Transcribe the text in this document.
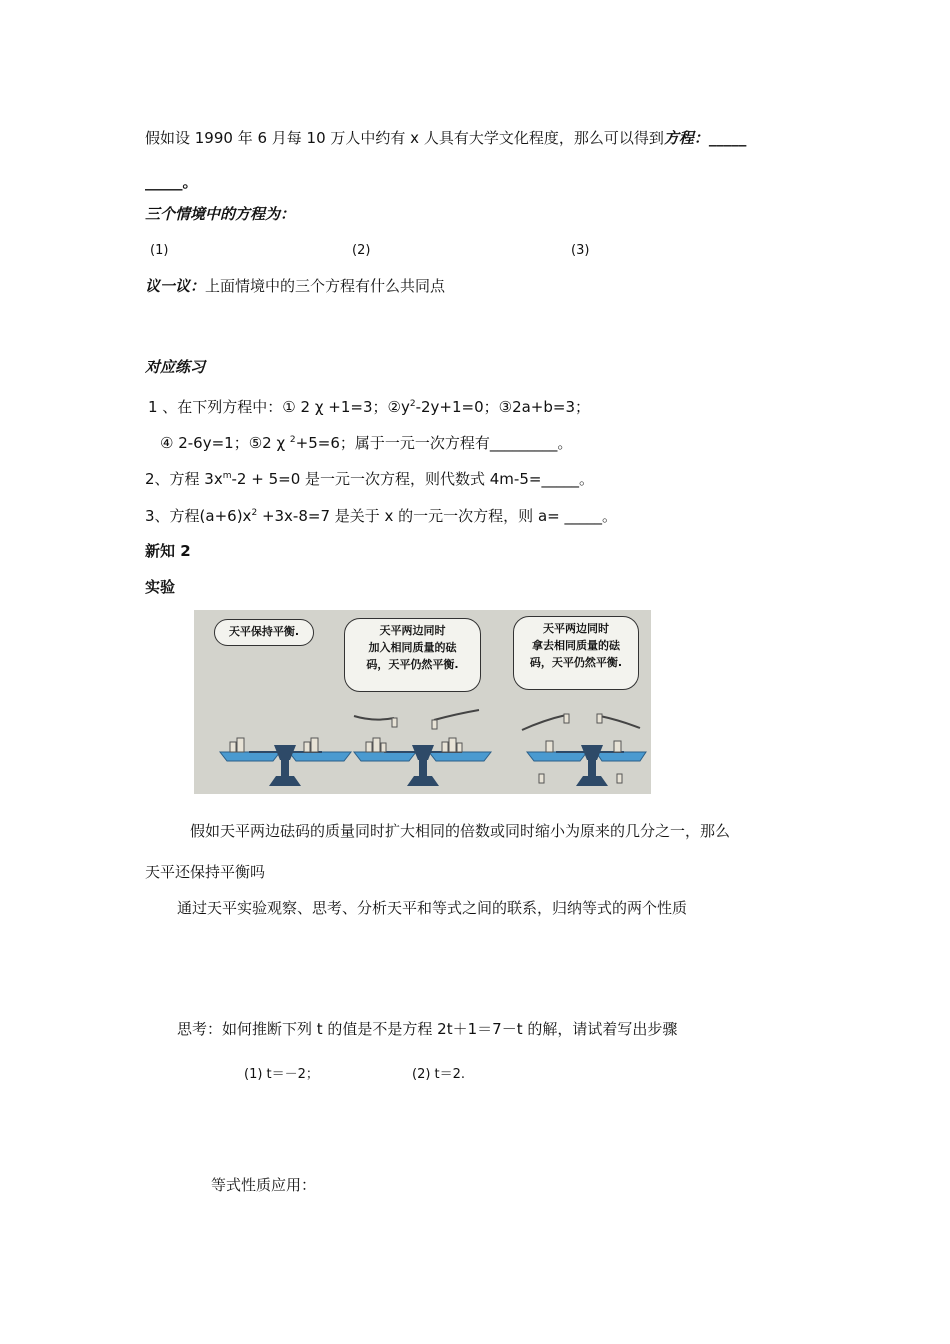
假如设 1990 年 6 月每 10 万人中约有 x 人具有大学文化程度，那么可以得到方程：_____
_____。
三个情境中的方程为：
(1)	(2)	(3)
议一议：上面情境中的三个方程有什么共同点
对应练习
1 、在下列方程中：① 2 χ +1=3；$②y^2-2y+1=0$；③2a+b=3；
④ 2-6y=1；⑤2 χ $^2$+5=6；属于一元一次方程有_________。
2、方程 $3x^m-2 + 5=0$ 是一元一次方程，则代数式 4m-5=_____。
3、方程$(a+6)x^2 +3x-8=7$ 是关于 x 的一元一次方程，则 a= _____。
新知 2
实验
天平保持平衡.	天平两边同时
加入相同质量的砝
码，天平仍然平衡.
天平两边同时
拿去相同质量的砝
码，天平仍然平衡.
假如天平两边砝码的质量同时扩大相同的倍数或同时缩小为原来的几分之一，那么
天平还保持平衡吗
通过天平实验观察、思考、分析天平和等式之间的联系，归纳等式的两个性质
思考：如何推断下列 t 的值是不是方程 2t＋1＝7－t 的解，请试着写出步骤
(1) t＝－2；	(2) t＝2.
等式性质应用：
